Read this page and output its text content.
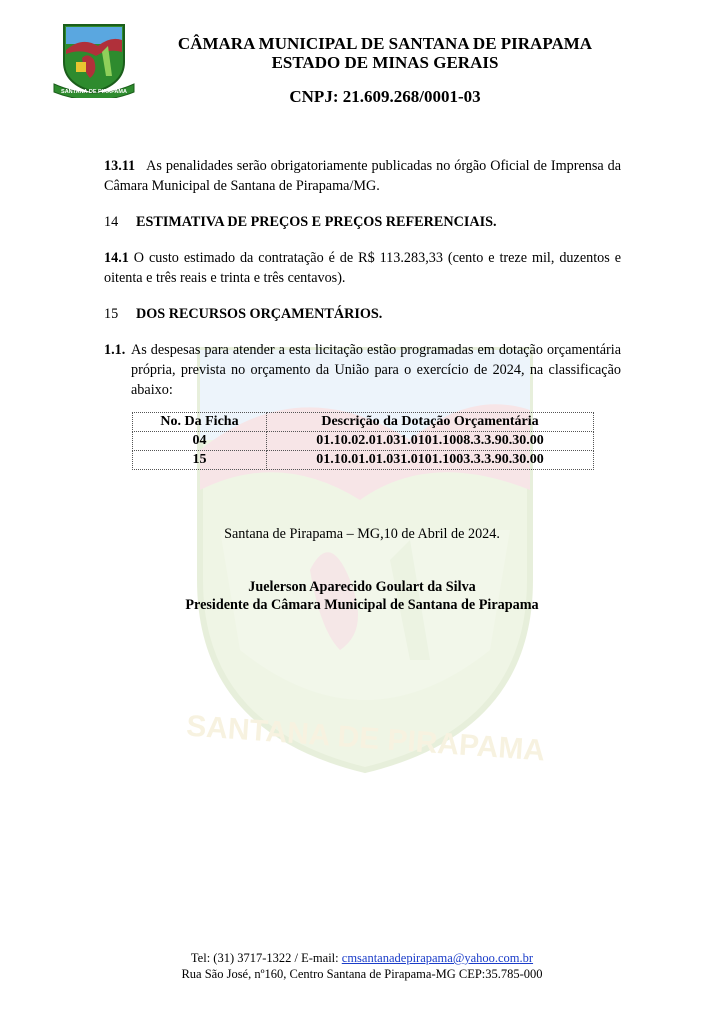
SANTANA DE PIRAPAMA
SANTANA DE PIRAPAMA
CÂMARA MUNICIPAL DE SANTANA DE PIRAPAMA
ESTADO DE MINAS GERAIS
CNPJ: 21.609.268/0001-03

13.11 As penalidades serão obrigatoriamente publicadas no órgão Oficial de Imprensa da Câmara Municipal de Santana de Pirapama/MG.

14	ESTIMATIVA DE PREÇOS E PREÇOS REFERENCIAIS.

14.1 O custo estimado da contratação é de R$ 113.283,33 (cento e treze mil, duzentos e oitenta e três reais e trinta e três centavos).

15	DOS RECURSOS ORÇAMENTÁRIOS.
1.1. As despesas para atender a esta licitação estão programadas em dotação orçamentária própria, prevista no orçamento da União para o exercício de 2024, na classificação abaixo:
No. Da Ficha	Descrição da Dotação Orçamentária
04	01.10.02.01.031.0101.1008.3.3.90.30.00
15	01.10.01.01.031.0101.1003.3.3.90.30.00
Santana de Pirapama – MG,10 de Abril de 2024.
Juelerson Aparecido Goulart da Silva
Presidente da Câmara Municipal de Santana de Pirapama
Tel: (31) 3717-1322 / E-mail: cmsantanadepirapama@yahoo.com.br
Rua São José, nº160, Centro Santana de Pirapama-MG CEP:35.785-000
